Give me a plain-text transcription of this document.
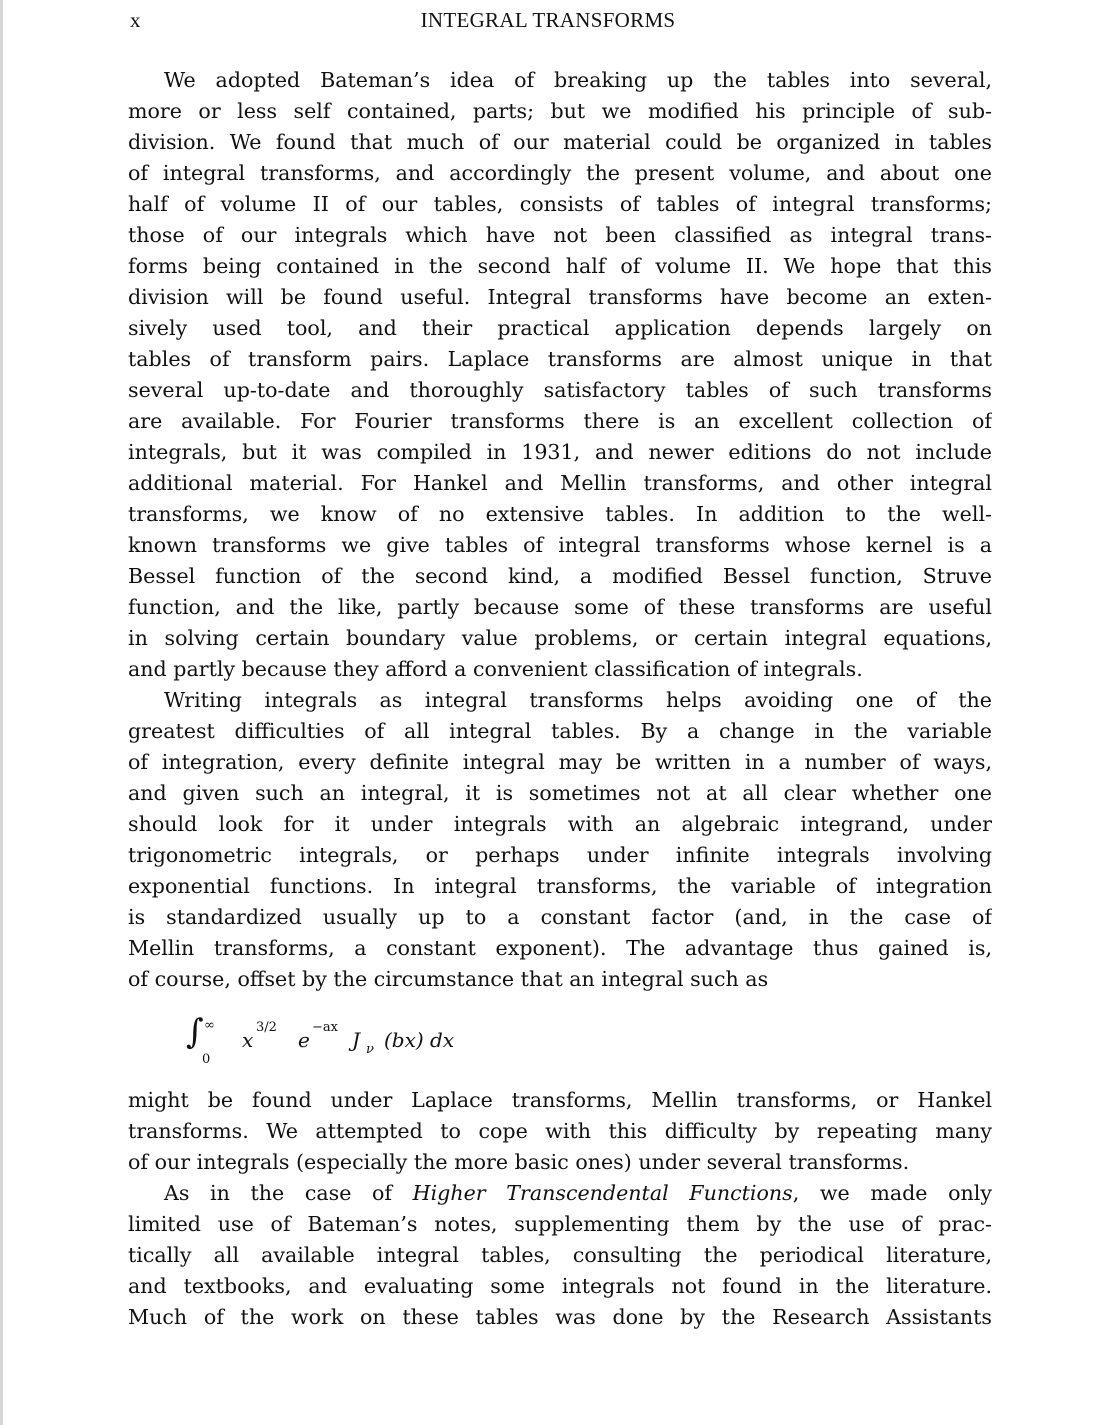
x	INTEGRAL TRANSFORMS
We adopted Bateman’s idea of breaking up the tables into several,
more or less self contained, parts; but we modified his principle of sub-
division. We found that much of our material could be organized in tables
of integral transforms, and accordingly the present volume, and about one
half of volume II of our tables, consists of tables of integral transforms;
those of our integrals which have not been classified as integral trans-
forms being contained in the second half of volume II. We hope that this
division will be found useful. Integral transforms have become an exten-
sively used tool, and their practical application depends largely on
tables of transform pairs. Laplace transforms are almost unique in that
several up-to-date and thoroughly satisfactory tables of such transforms
are available. For Fourier transforms there is an excellent collection of
integrals, but it was compiled in 1931, and newer editions do not include
additional material. For Hankel and Mellin transforms, and other integral
transforms, we know of no extensive tables. In addition to the well-
known transforms we give tables of integral transforms whose kernel is a
Bessel function of the second kind, a modified Bessel function, Struve
function, and the like, partly because some of these transforms are useful
in solving certain boundary value problems, or certain integral equations,
and partly because they afford a convenient classification of integrals.
Writing integrals as integral transforms helps avoiding one of the
greatest difficulties of all integral tables. By a change in the variable
of integration, every definite integral may be written in a number of ways,
and given such an integral, it is sometimes not at all clear whether one
should look for it under integrals with an algebraic integrand, under
trigonometric integrals, or perhaps under infinite integrals involving
exponential functions. In integral transforms, the variable of integration
is standardized usually up to a constant factor (and, in the case of
Mellin transforms, a constant exponent). The advantage thus gained is,
of course, offset by the circumstance that an integral such as
∫ ∞
0
x
3/2
e
−ax
J ν (bx) dx
might be found under Laplace transforms, Mellin transforms, or Hankel
transforms. We attempted to cope with this difficulty by repeating many
of our integrals (especially the more basic ones) under several transforms.
As in the case of Higher Transcendental Functions, we made only
limited use of Bateman’s notes, supplementing them by the use of prac-
tically all available integral tables, consulting the periodical literature,
and textbooks, and evaluating some integrals not found in the literature.
Much of the work on these tables was done by the Research Assistants
